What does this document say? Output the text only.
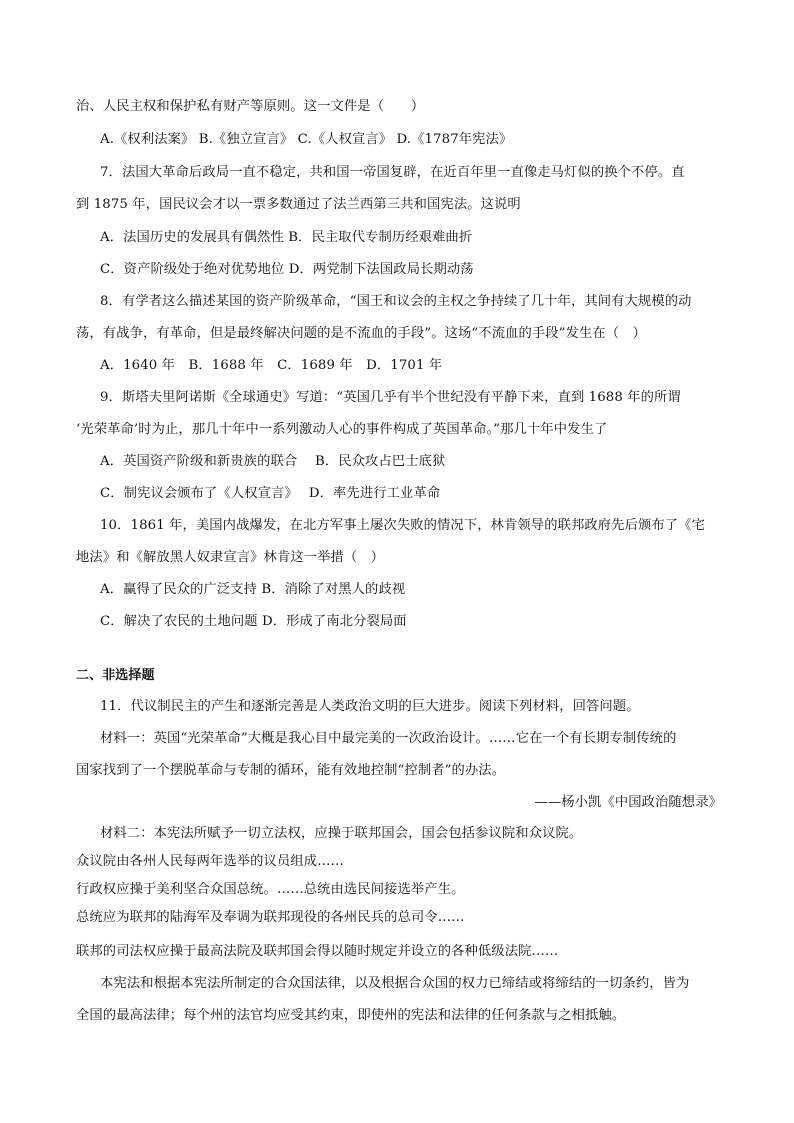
治、人民主权和保护私有财产等原则。这一文件是（　　）
A.《权利法案》 B.《独立宣言》 C.《人权宣言》 D.《1787年宪法》
7．法国大革命后政局一直不稳定，共和国一帝国复辟，在近百年里一直像走马灯似的换个不停。直
到 1875 年，国民议会才以一票多数通过了法兰西第三共和国宪法。这说明
A．法国历史的发展具有偶然性 B．民主取代专制历经艰难曲折
C．资产阶级处于绝对优势地位 D．两党制下法国政局长期动荡
8．有学者这么描述某国的资产阶级革命，“国王和议会的主权之争持续了几十年，其间有大规模的动
荡，有战争，有革命，但是最终解决问题的是不流血的手段”。这场“不流血的手段”发生在（　）
A．1640 年　B．1688 年　C．1689 年　D．1701 年
9．斯塔夫里阿诺斯《全球通史》写道：“英国几乎有半个世纪没有平静下来，直到 1688 年的所谓
‘光荣革命’时为止，那几十年中一系列激动人心的事件构成了英国革命。”那几十年中发生了
A．英国资产阶级和新贵族的联合　 B．民众攻占巴士底狱
C．制宪议会颁布了《人权宣言》　 D．率先进行工业革命
10．1861 年，美国内战爆发，在北方军事上屡次失败的情况下，林肯领导的联邦政府先后颁布了《宅
地法》和《解放黑人奴隶宣言》林肯这一举措（　）
A．赢得了民众的广泛支持 B．消除了对黑人的歧视
C．解决了农民的土地问题 D．形成了南北分裂局面
二、非选择题
11．代议制民主的产生和逐渐完善是人类政治文明的巨大进步。阅读下列材料，回答问题。
材料一：英国“光荣革命”大概是我心目中最完美的一次政治设计。……它在一个有长期专制传统的
国家找到了一个摆脱革命与专制的循环，能有效地控制“控制者”的办法。
——杨小凯《中国政治随想录》
材料二：本宪法所赋予一切立法权，应操于联邦国会，国会包括参议院和众议院。
众议院由各州人民每两年选举的议员组成……
行政权应操于美利坚合众国总统。……总统由选民间接选举产生。
总统应为联邦的陆海军及奉调为联邦现役的各州民兵的总司令……
联邦的司法权应操于最高法院及联邦国会得以随时规定并设立的各种低级法院……
本宪法和根据本宪法所制定的合众国法律，以及根据合众国的权力已缔结或将缔结的一切条约，皆为
全国的最高法律；每个州的法官均应受其约束，即使州的宪法和法律的任何条款与之相抵触。
